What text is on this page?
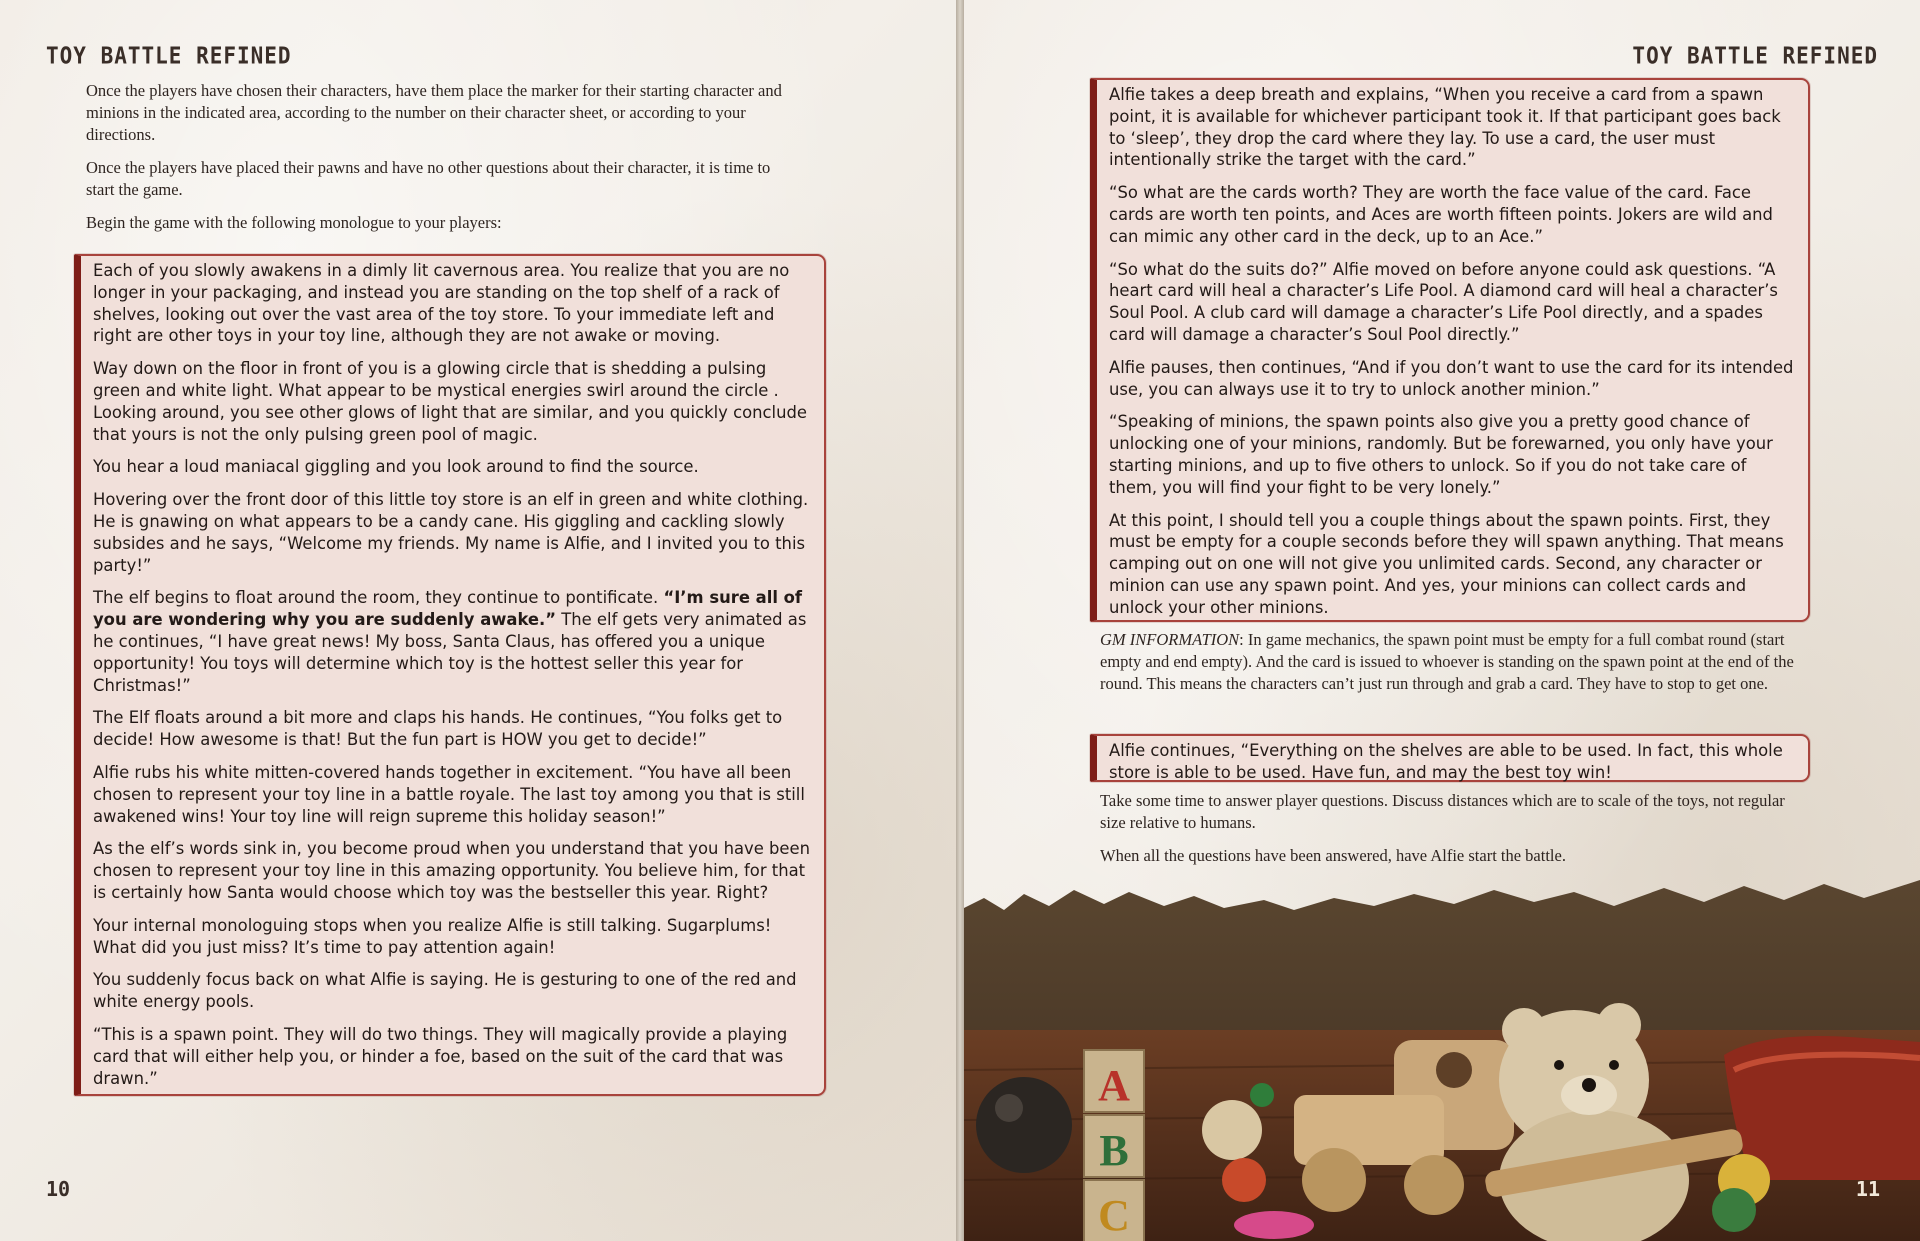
TOY BATTLE REFINED

Once the players have chosen their characters, have them place the marker for their starting character and minions in the indicated area, according to the number on their character sheet, or according to your directions.

Once the players have placed their pawns and have no other questions about their character, it is time to start the game.

Begin the game with the following monologue to your players:

Each of you slowly awakens in a dimly lit cavernous area. You realize that you are no longer in your packaging, and instead you are standing on the top shelf of a rack of shelves, looking out over the vast area of the toy store. To your immediate left and right are other toys in your toy line, although they are not awake or moving.

Way down on the floor in front of you is a glowing circle that is shedding a pulsing green and white light. What appear to be mystical energies swirl around the circle . Looking around, you see other glows of light that are similar, and you quickly conclude that yours is not the only pulsing green pool of magic.

You hear a loud maniacal giggling and you look around to find the source.

Hovering over the front door of this little toy store is an elf in green and white clothing. He is gnawing on what appears to be a candy cane. His giggling and cackling slowly subsides and he says, “Welcome my friends. My name is Alfie, and I invited you to this party!”

The elf begins to float around the room, they continue to pontificate. “I’m sure all of you are wondering why you are suddenly awake.” The elf gets very animated as he continues, “I have great news! My boss, Santa Claus, has offered you a unique opportunity! You toys will determine which toy is the hottest seller this year for Christmas!”

The Elf floats around a bit more and claps his hands. He continues, “You folks get to decide! How awesome is that! But the fun part is HOW you get to decide!”

Alfie rubs his white mitten-covered hands together in excitement. “You have all been chosen to represent your toy line in a battle royale. The last toy among you that is still awakened wins! Your toy line will reign supreme this holiday season!”

As the elf’s words sink in, you become proud when you understand that you have been chosen to represent your toy line in this amazing opportunity. You believe him, for that is certainly how Santa would choose which toy was the bestseller this year. Right?

Your internal monologuing stops when you realize Alfie is still talking. Sugarplums! What did you just miss? It’s time to pay attention again!

You suddenly focus back on what Alfie is saying. He is gesturing to one of the red and white energy pools.

“This is a spawn point. They will do two things. They will magically provide a playing card that will either help you, or hinder a foe, based on the suit of the card that was drawn.”

10
TOY BATTLE REFINED

Alfie takes a deep breath and explains, “When you receive a card from a spawn point, it is available for whichever participant took it. If that participant goes back to ‘sleep’, they drop the card where they lay. To use a card, the user must intentionally strike the target with the card.”

“So what are the cards worth? They are worth the face value of the card. Face cards are worth ten points, and Aces are worth fifteen points. Jokers are wild and can mimic any other card in the deck, up to an Ace.”

“So what do the suits do?” Alfie moved on before anyone could ask questions. “A heart card will heal a character’s Life Pool. A diamond card will heal a character’s Soul Pool. A club card will damage a character’s Life Pool directly, and a spades card will damage a character’s Soul Pool directly.”

Alfie pauses, then continues, “And if you don’t want to use the card for its intended use, you can always use it to try to unlock another minion.”

“Speaking of minions, the spawn points also give you a pretty good chance of unlocking one of your minions, randomly. But be forewarned, you only have your starting minions, and up to five others to unlock. So if you do not take care of them, you will find your fight to be very lonely.”

At this point, I should tell you a couple things about the spawn points. First, they must be empty for a couple seconds before they will spawn anything. That means camping out on one will not give you unlimited cards. Second, any character or minion can use any spawn point. And yes, your minions can collect cards and unlock your other minions.

GM INFORMATION: In game mechanics, the spawn point must be empty for a full combat round (start empty and end empty). And the card is issued to whoever is standing on the spawn point at the end of the round. This means the characters can’t just run through and grab a card. They have to stop to get one.

Alfie continues, “Everything on the shelves are able to be used. In fact, this whole store is able to be used. Have fun, and may the best toy win!

Take some time to answer player questions. Discuss distances which are to scale of the toys, not regular size relative to humans.

When all the questions have been answered, have Alfie start the battle.

A
B
C
11
